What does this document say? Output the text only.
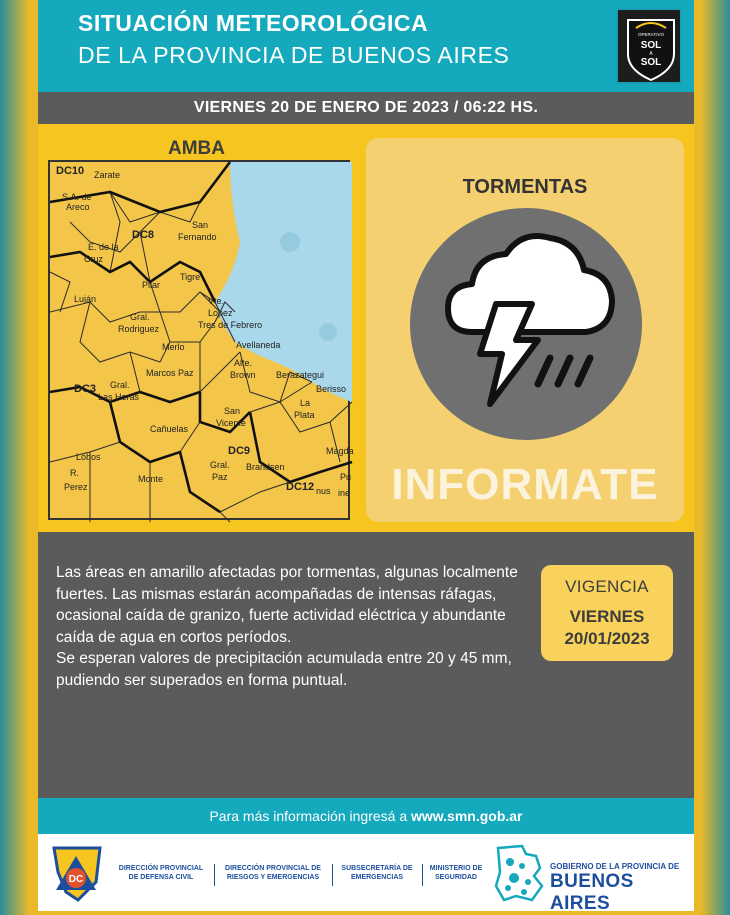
SITUACIÓN METEOROLÓGICA
DE LA PROVINCIA DE BUENOS AIRES
OPERATIVO
SOL
A
SOL
VIERNES 20 DE ENERO DE 2023 / 06:22 HS.
AMBA
DC10 Zarate
S.A. de
Areco
San
Fernando
DC8
E. de la
Cruz
Pilar
Tigre
Vte.
Lopez
Tres de Febrero
Luján
Gral.
Rodriguez
Merlo	Avellaneda
Marcos Paz
Alte.
Brown Berazategui
Berisso
DC3 Gral.
Las Heras
Cañuelas
San
Vicente
La
Plata
DC9	Magda
Lobos
R.
Perez
Monte
Gral.
Paz
Brandsen
DC12 nus
Pu
ine
TORMENTAS
INFORMATE

Las áreas en amarillo afectadas por tormentas, algunas localmente fuertes. Las mismas estarán acompañadas de intensas ráfagas, ocasional caída de granizo, fuerte actividad eléctrica y abundante caída de agua en cortos períodos.

Se esperan valores de precipitación acumulada entre 20 y 45 mm, pudiendo ser superados en forma puntual.

VIGENCIA
VIERNES
20/01/2023
Para más información ingresá a www.smn.gob.ar
DC
DIRECCIÓN PROVINCIAL
DE DEFENSA CIVIL
DIRECCIÓN PROVINCIAL DE
RIESGOS Y EMERGENCIAS
SUBSECRETARÍA DE
EMERGENCIAS
MINISTERIO DE
SEGURIDAD
GOBIERNO DE LA PROVINCIA DE
BUENOS AIRES
